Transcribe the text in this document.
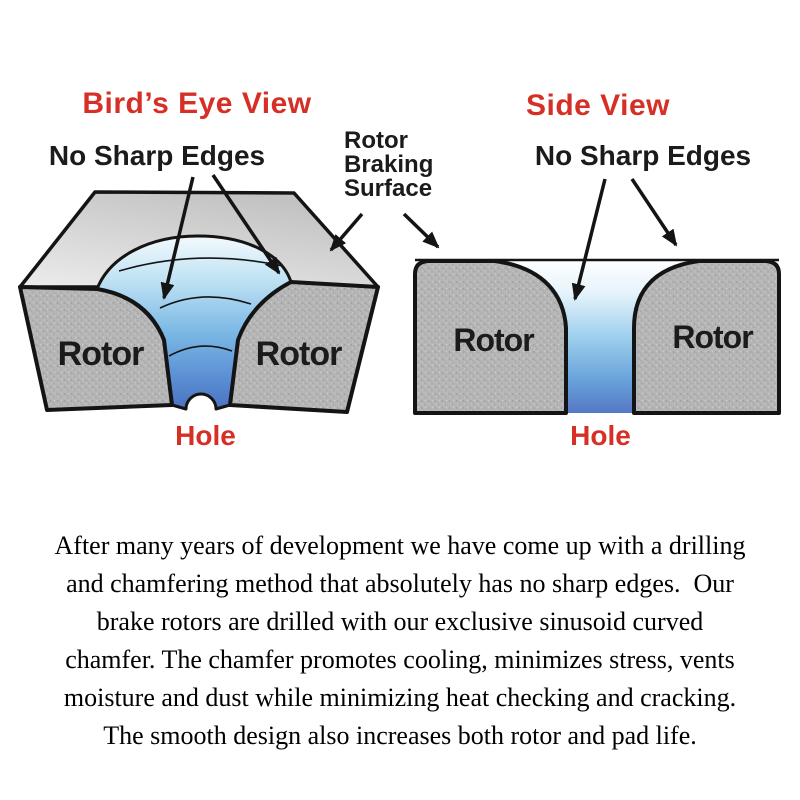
Bird’s Eye View	Side View
No Sharp Edges	No Sharp Edges
Rotor
Braking
Surface
Rotor	Rotor	Rotor	Rotor
Hole	Hole
After many years of development we have come up with a drilling
and chamfering method that absolutely has no sharp edges.  Our
brake rotors are drilled with our exclusive sinusoid curved
chamfer. The chamfer promotes cooling, minimizes stress, vents
moisture and dust while minimizing heat checking and cracking.
The smooth design also increases both rotor and pad life.
